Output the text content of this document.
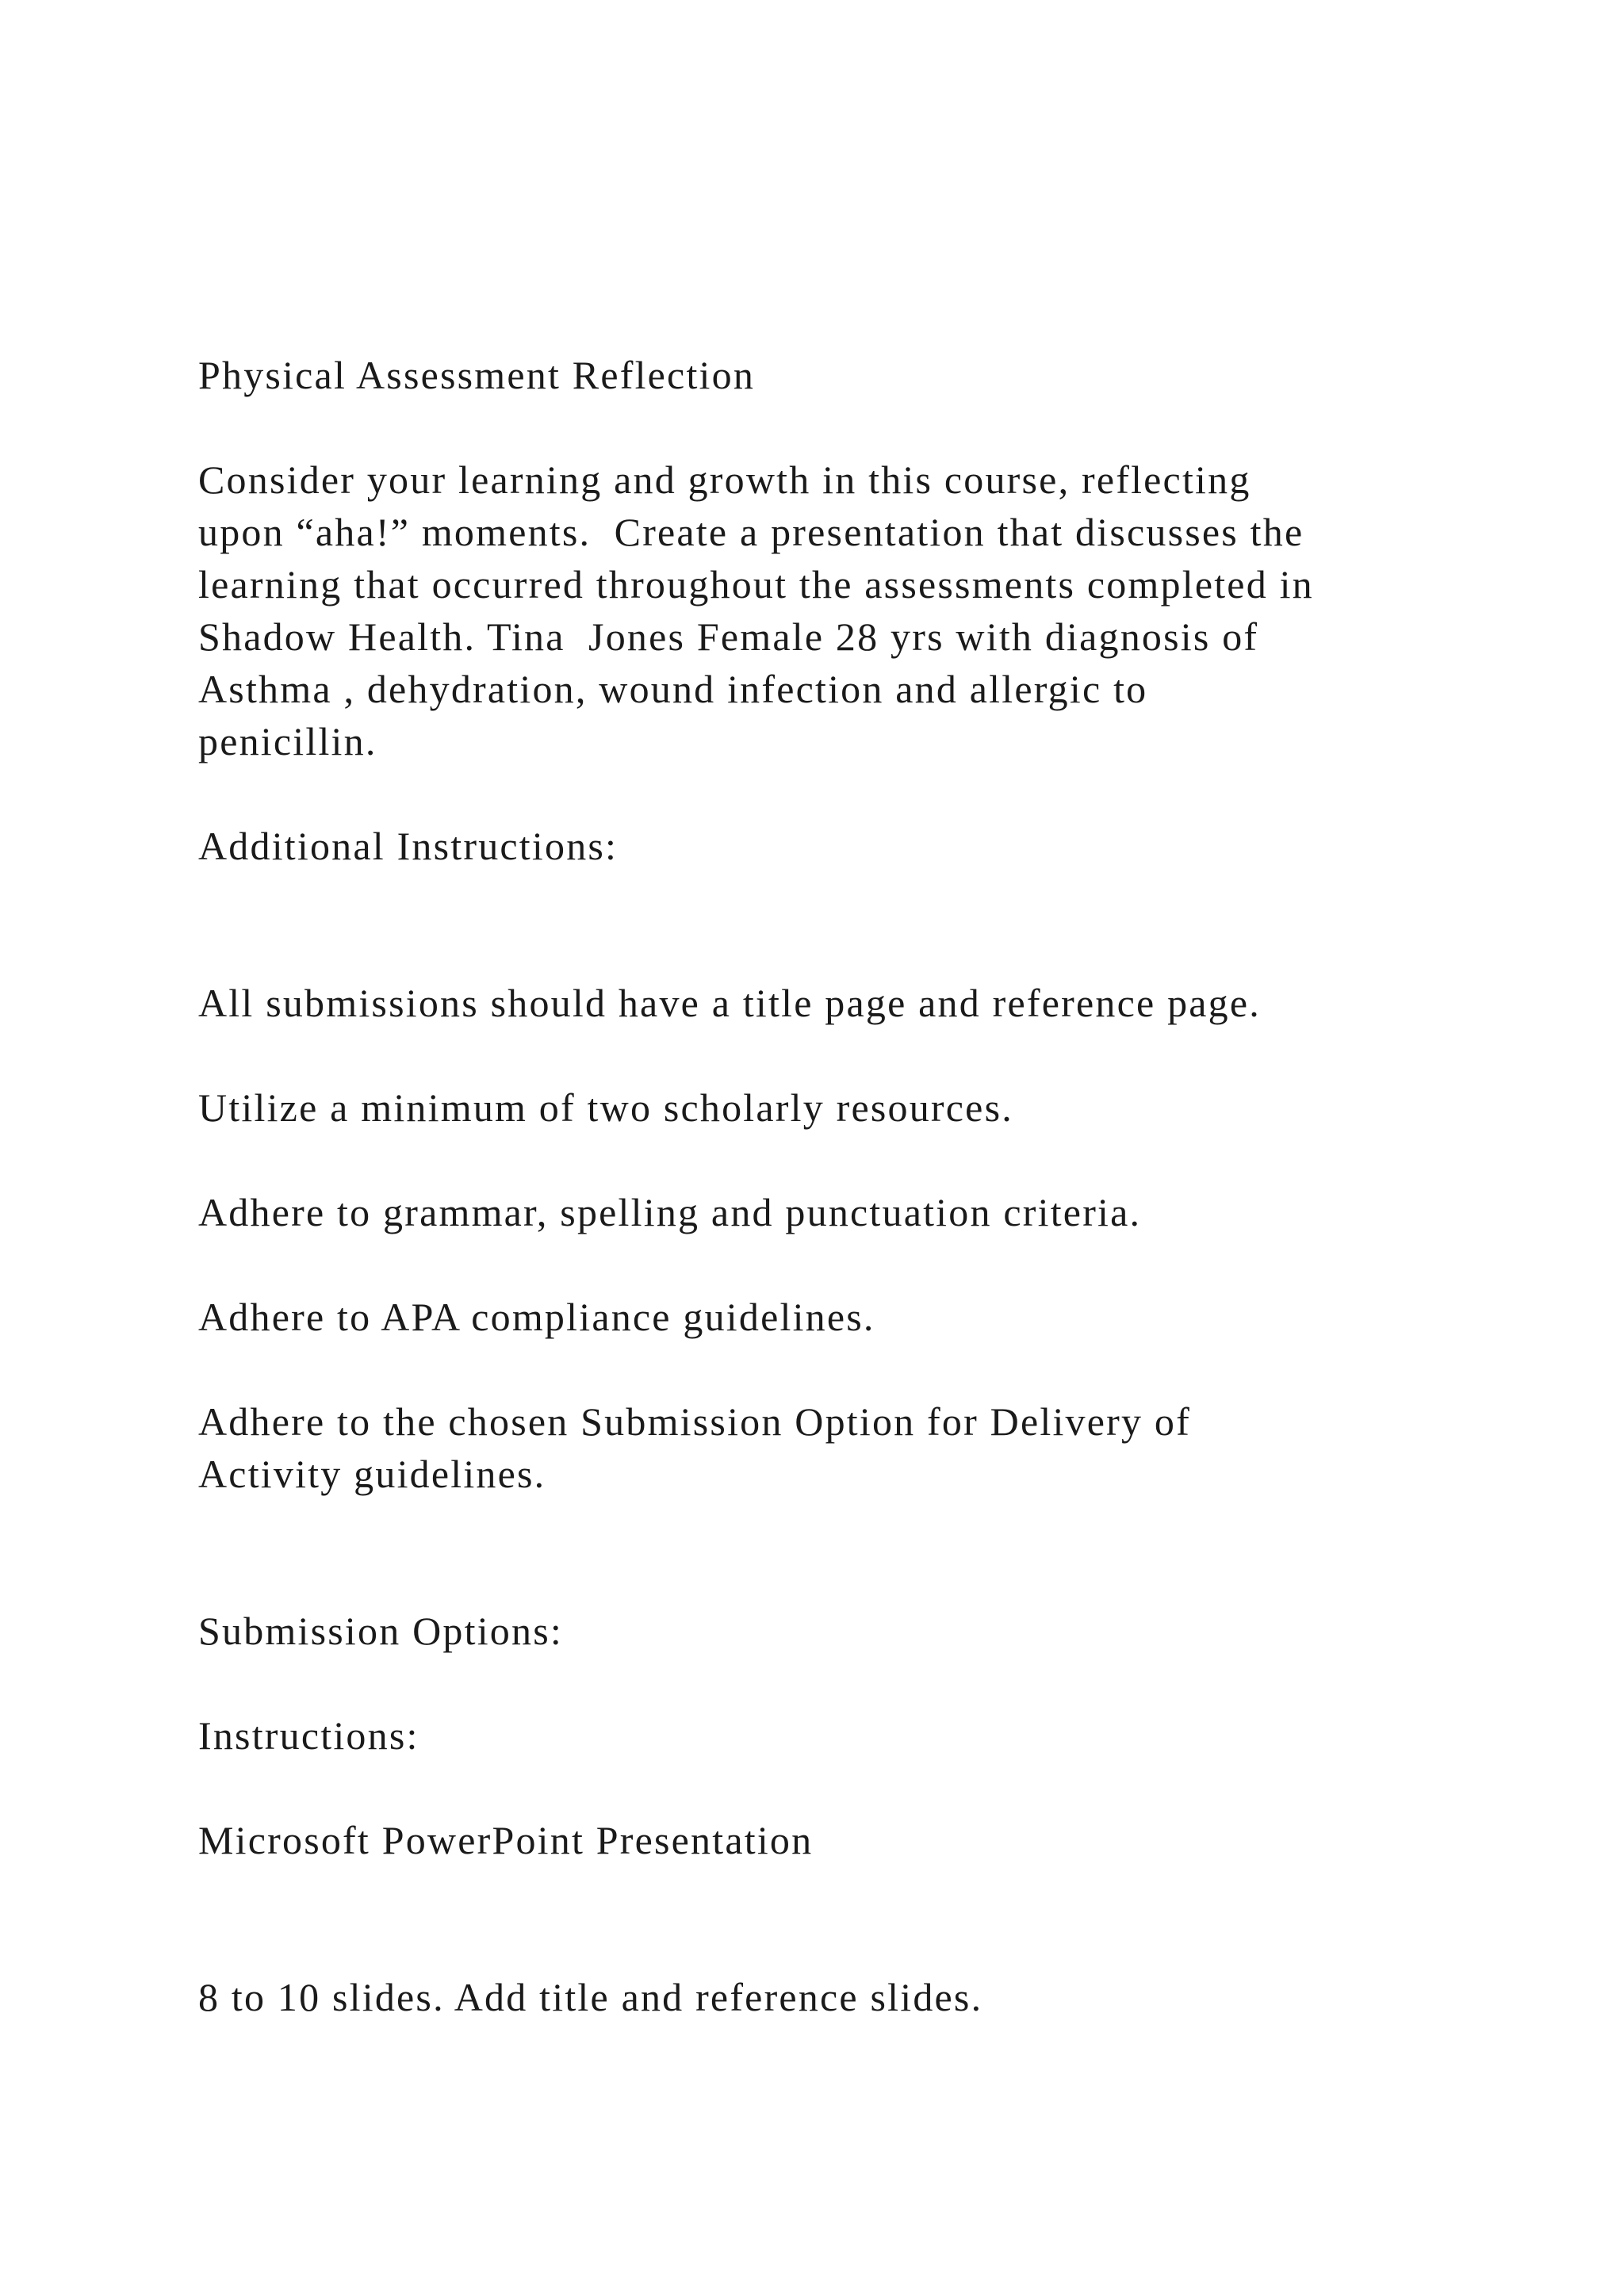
Physical Assessment Reflection

Consider your learning and growth in this course, reflecting
upon “aha!” moments.  Create a presentation that discusses the
learning that occurred throughout the assessments completed in
Shadow Health. Tina  Jones Female 28 yrs with diagnosis of
Asthma , dehydration, wound infection and allergic to
penicillin.

Additional Instructions:

All submissions should have a title page and reference page.

Utilize a minimum of two scholarly resources.

Adhere to grammar, spelling and punctuation criteria.

Adhere to APA compliance guidelines.

Adhere to the chosen Submission Option for Delivery of
Activity guidelines.

Submission Options:

Instructions:

Microsoft PowerPoint Presentation

8 to 10 slides. Add title and reference slides.
